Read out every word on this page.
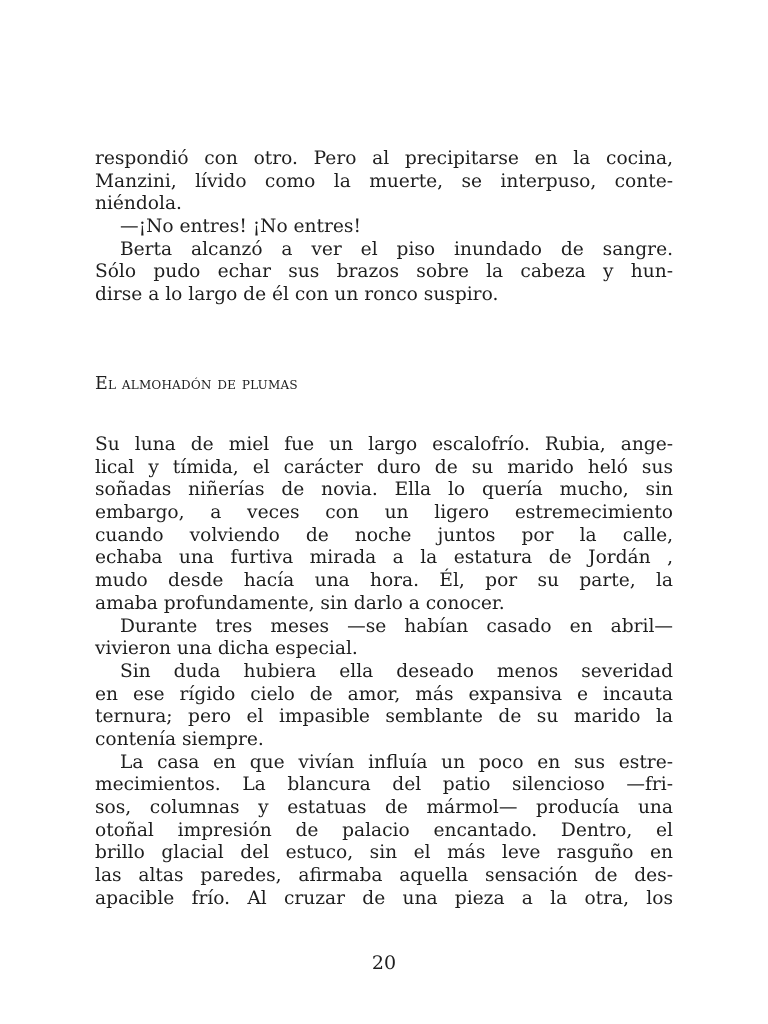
respondió con otro. Pero al precipitarse en la cocina,
Manzini, lívido como la muerte, se interpuso, conte-
niéndola.
—¡No entres! ¡No entres!
Berta alcanzó a ver el piso inundado de sangre.
Sólo pudo echar sus brazos sobre la cabeza y hun-
dirse a lo largo de él con un ronco suspiro.
El almohadón de plumas
Su luna de miel fue un largo escalofrío. Rubia, ange-
lical y tímida, el carácter duro de su marido heló sus
soñadas niñerías de novia. Ella lo quería mucho, sin
embargo, a veces con un ligero estremecimiento
cuando volviendo de noche juntos por la calle,
echaba una furtiva mirada a la estatura de Jordán ,
mudo desde hacía una hora. Él, por su parte, la
amaba profundamente, sin darlo a conocer.
Durante tres meses —se habían casado en abril—
vivieron una dicha especial.
Sin duda hubiera ella deseado menos severidad
en ese rígido cielo de amor, más expansiva e incauta
ternura; pero el impasible semblante de su marido la
contenía siempre.
La casa en que vivían influía un poco en sus estre-
mecimientos. La blancura del patio silencioso —fri-
sos, columnas y estatuas de mármol— producía una
otoñal impresión de palacio encantado. Dentro, el
brillo glacial del estuco, sin el más leve rasguño en
las altas paredes, afirmaba aquella sensación de des-
apacible frío. Al cruzar de una pieza a la otra, los
20
